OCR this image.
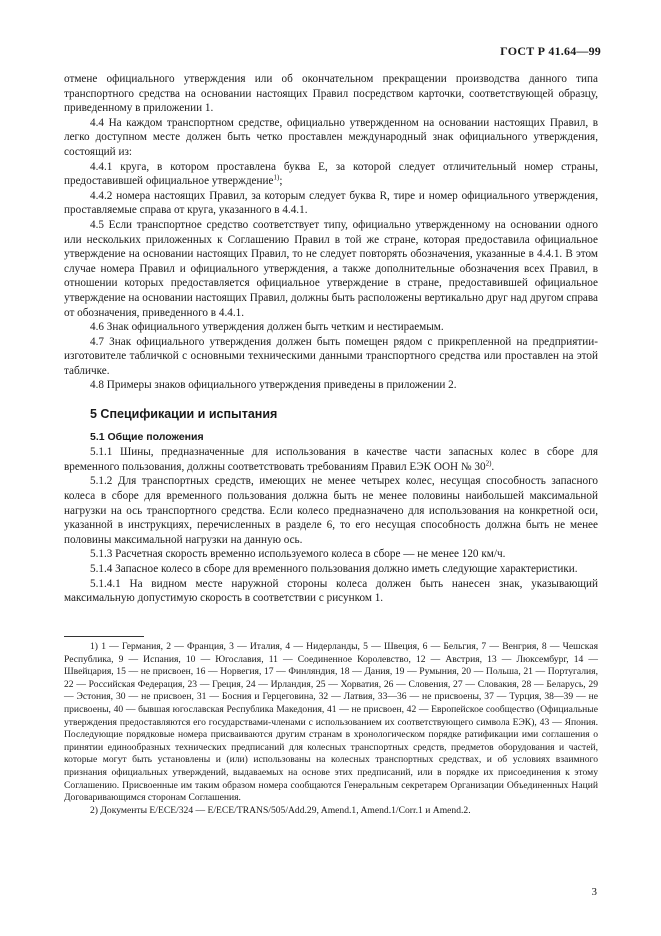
ГОСТ Р 41.64—99

отмене официального утверждения или об окончательном прекращении производства данного типа транспортного средства на основании настоящих Правил посредством карточки, соответствующей образцу, приведенному в приложении 1.

4.4 На каждом транспортном средстве, официально утвержденном на основании настоящих Правил, в легко доступном месте должен быть четко проставлен международный знак официального утверждения, состоящий из:

4.4.1 круга, в котором проставлена буква E, за которой следует отличительный номер страны, предоставившей официальное утверждение$^{1)}$;

4.4.2 номера настоящих Правил, за которым следует буква R, тире и номер официального утверждения, проставляемые справа от круга, указанного в 4.4.1.

4.5 Если транспортное средство соответствует типу, официально утвержденному на основании одного или нескольких приложенных к Соглашению Правил в той же стране, которая предоставила официальное утверждение на основании настоящих Правил, то не следует повторять обозначения, указанные в 4.4.1. В этом случае номера Правил и официального утверждения, а также дополнительные обозначения всех Правил, в отношении которых предоставляется официальное утверждение в стране, предоставившей официальное утверждение на основании настоящих Правил, должны быть расположены вертикально друг над другом справа от обозначения, приведенного в 4.4.1.

4.6 Знак официального утверждения должен быть четким и нестираемым.

4.7 Знак официального утверждения должен быть помещен рядом с прикрепленной на предприятии-изготовителе табличкой с основными техническими данными транспортного средства или проставлен на этой табличке.

4.8 Примеры знаков официального утверждения приведены в приложении 2.

5 Спецификации и испытания

5.1 Общие положения

5.1.1 Шины, предназначенные для использования в качестве части запасных колес в сборе для временного пользования, должны соответствовать требованиям Правил ЕЭК ООН № 30$^{2)}$.

5.1.2 Для транспортных средств, имеющих не менее четырех колес, несущая способность запасного колеса в сборе для временного пользования должна быть не менее половины наибольшей максимальной нагрузки на ось транспортного средства. Если колесо предназначено для использования на конкретной оси, указанной в инструкциях, перечисленных в разделе 6, то его несущая способность должна быть не менее половины максимальной нагрузки на данную ось.

5.1.3 Расчетная скорость временно используемого колеса в сборе — не менее 120 км/ч.

5.1.4 Запасное колесо в сборе для временного пользования должно иметь следующие характеристики.

5.1.4.1 На видном месте наружной стороны колеса должен быть нанесен знак, указывающий максимальную допустимую скорость в соответствии с рисунком 1.

1) 1 — Германия, 2 — Франция, 3 — Италия, 4 — Нидерланды, 5 — Швеция, 6 — Бельгия, 7 — Венгрия, 8 — Чешская Республика, 9 — Испания, 10 — Югославия, 11 — Соединенное Королевство, 12 — Австрия, 13 — Люксембург, 14 — Швейцария, 15 — не присвоен, 16 — Норвегия, 17 — Финляндия, 18 — Дания, 19 — Румыния, 20 — Польша, 21 — Португалия, 22 — Российская Федерация, 23 — Греция, 24 — Ирландия, 25 — Хорватия, 26 — Словения, 27 — Словакия, 28 — Беларусь, 29 — Эстония, 30 — не присвоен, 31 — Босния и Герцеговина, 32 — Латвия, 33—36 — не присвоены, 37 — Турция, 38—39 — не присвоены, 40 — бывшая югославская Республика Македония, 41 — не присвоен, 42 — Европейское сообщество (Официальные утверждения предоставляются его государствами-членами с использованием их соответствующего символа ЕЭК), 43 — Япония. Последующие порядковые номера присваиваются другим странам в хронологическом порядке ратификации ими соглашения о принятии единообразных технических предписаний для колесных транспортных средств, предметов оборудования и частей, которые могут быть установлены и (или) использованы на колесных транспортных средствах, и об условиях взаимного признания официальных утверждений, выдаваемых на основе этих предписаний, или в порядке их присоединения к этому Соглашению. Присвоенные им таким образом номера сообщаются Генеральным секретарем Организации Объединенных Наций Договаривающимся сторонам Соглашения.

2) Документы E/ECE/324 — E/ECE/TRANS/505/Add.29, Amend.1, Amend.1/Corr.1 и Amend.2.

3
